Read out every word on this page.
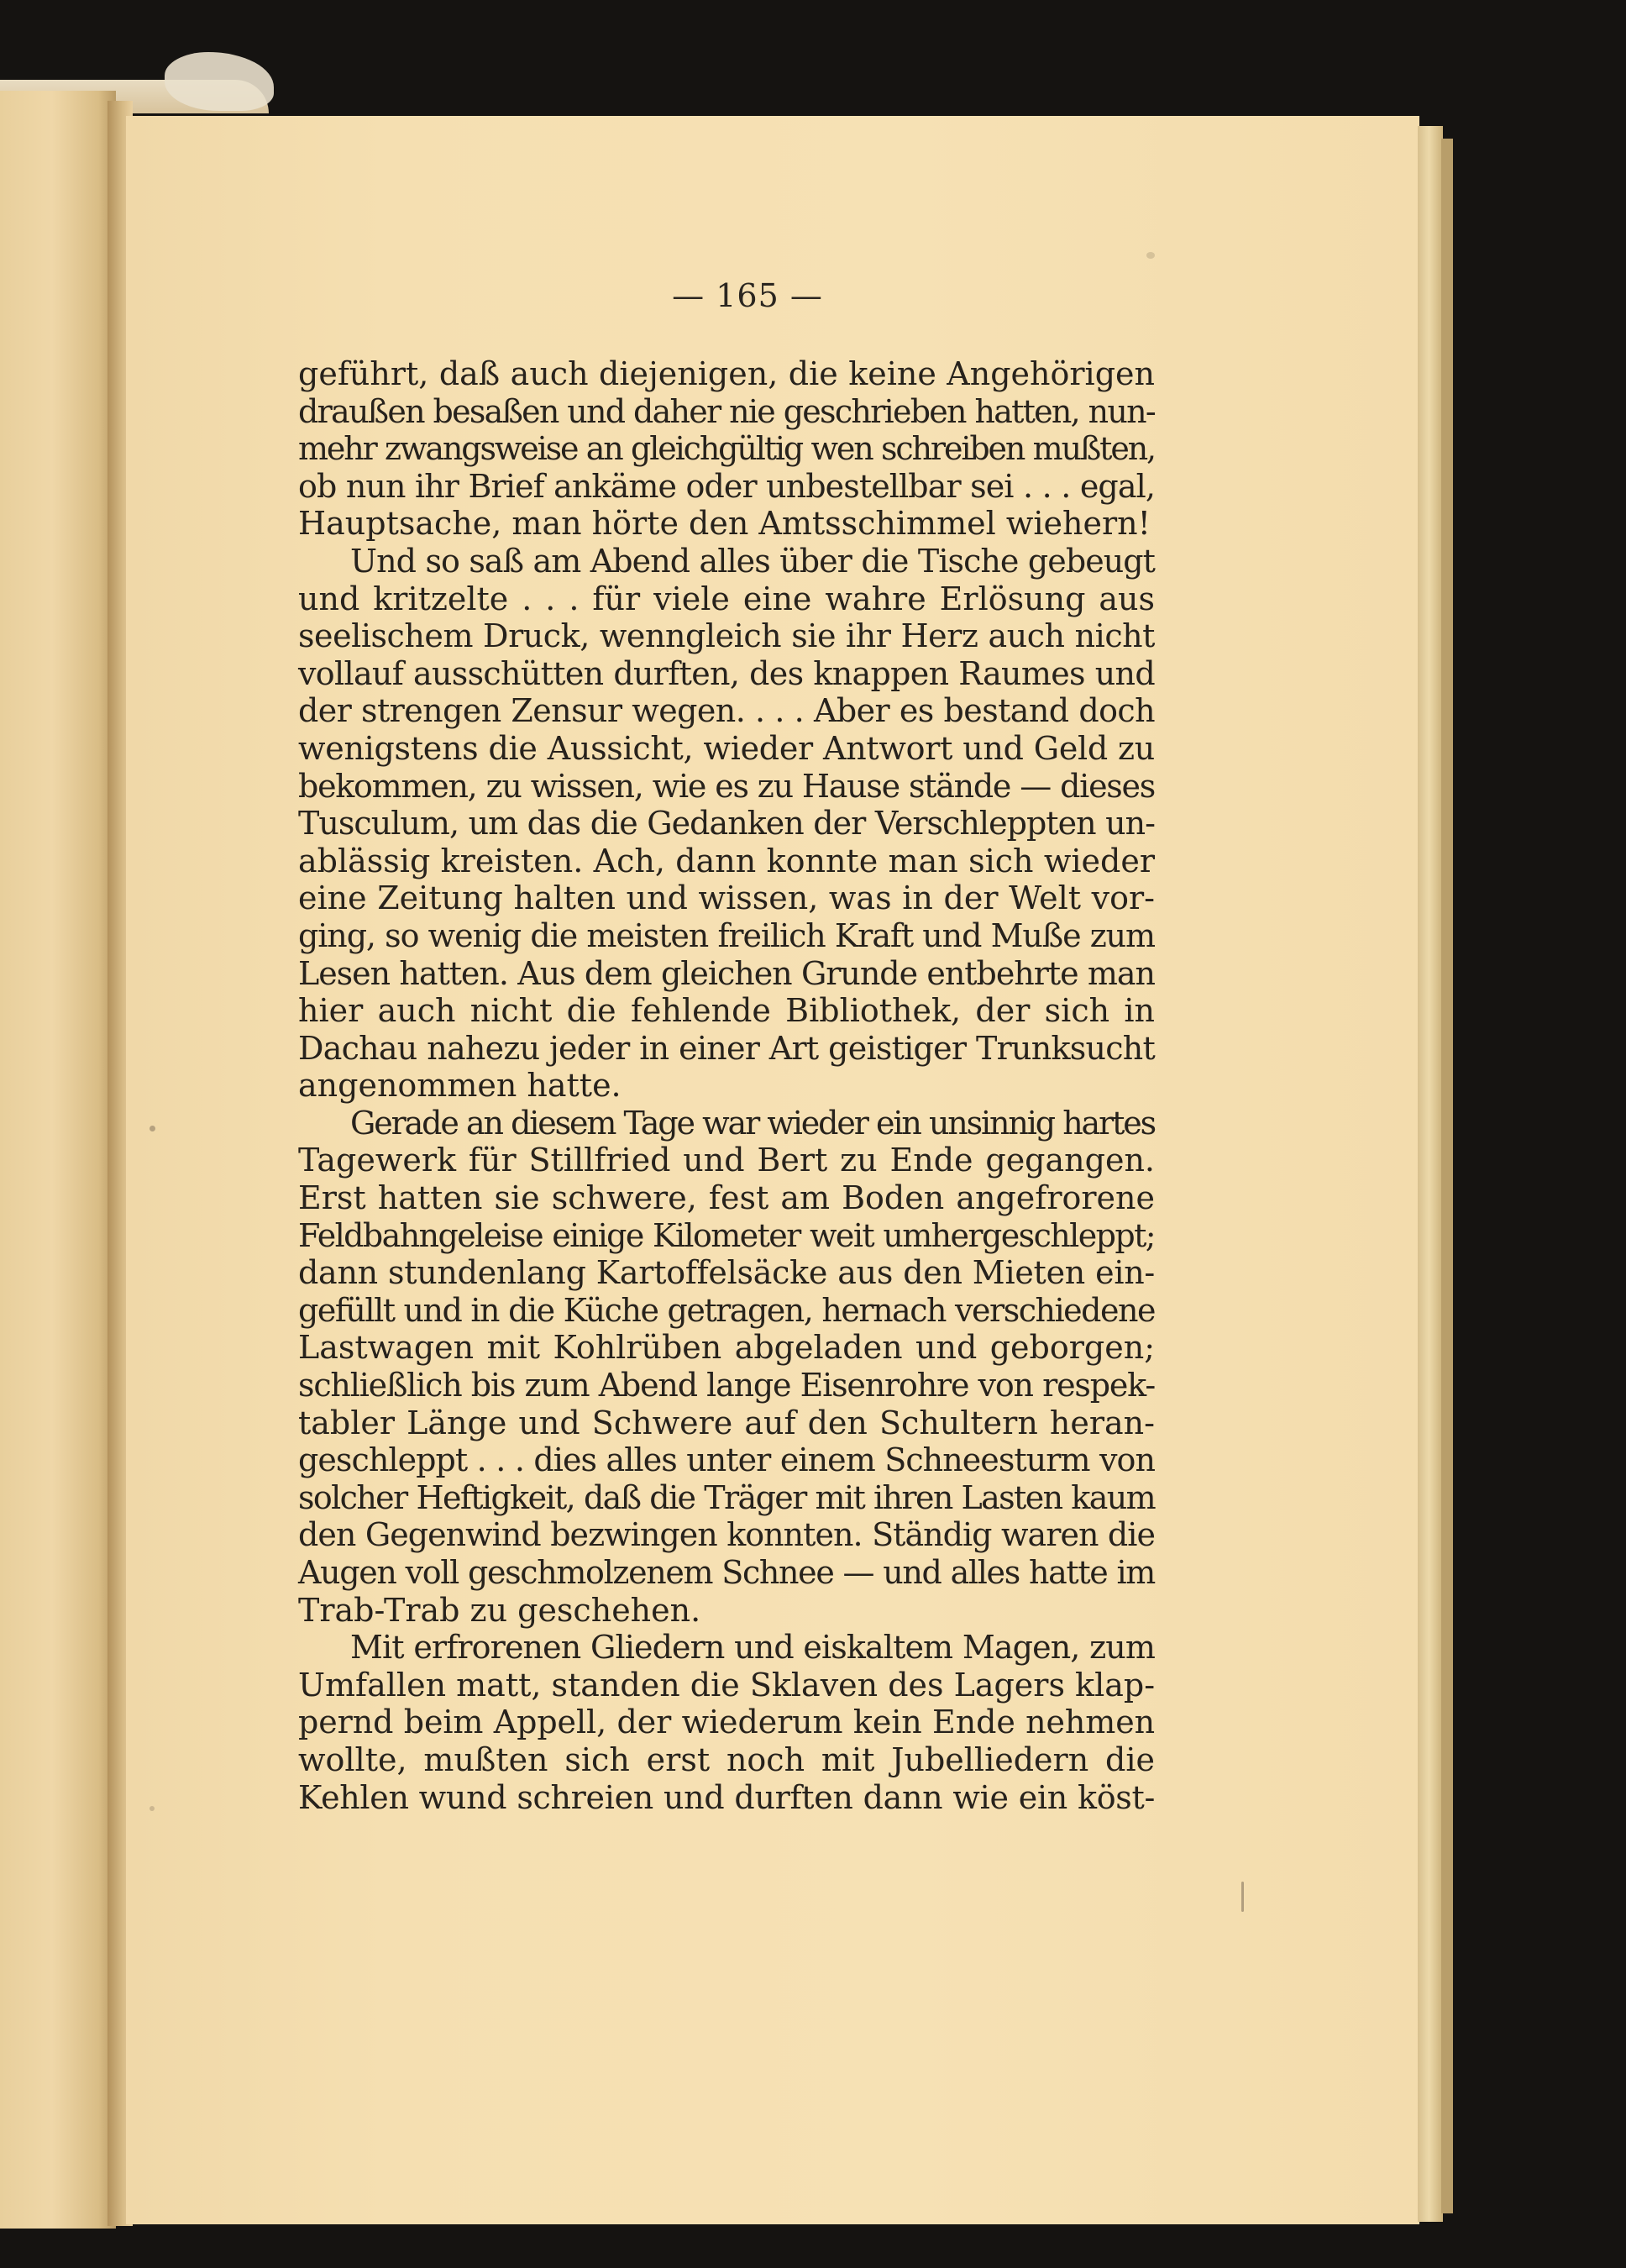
— 165 —
geführt, daß auch diejenigen, die keine Angehörigen
draußen besaßen und daher nie geschrieben hatten, nun-
mehr zwangsweise an gleichgültig wen schreiben mußten,
ob nun ihr Brief ankäme oder unbestellbar sei . . . egal,
Hauptsache, man hörte den Amtsschimmel wiehern!
Und so saß am Abend alles über die Tische gebeugt
und kritzelte . . . für viele eine wahre Erlösung aus
seelischem Druck, wenngleich sie ihr Herz auch nicht
vollauf ausschütten durften, des knappen Raumes und
der strengen Zensur wegen. . . . Aber es bestand doch
wenigstens die Aussicht, wieder Antwort und Geld zu
bekommen, zu wissen, wie es zu Hause stände — dieses
Tusculum, um das die Gedanken der Verschleppten un-
ablässig kreisten. Ach, dann konnte man sich wieder
eine Zeitung halten und wissen, was in der Welt vor-
ging, so wenig die meisten freilich Kraft und Muße zum
Lesen hatten. Aus dem gleichen Grunde entbehrte man
hier auch nicht die fehlende Bibliothek, der sich in
Dachau nahezu jeder in einer Art geistiger Trunksucht
angenommen hatte.
Gerade an diesem Tage war wieder ein unsinnig hartes
Tagewerk für Stillfried und Bert zu Ende gegangen.
Erst hatten sie schwere, fest am Boden angefrorene
Feldbahngeleise einige Kilometer weit umhergeschleppt;
dann stundenlang Kartoffelsäcke aus den Mieten ein-
gefüllt und in die Küche getragen, hernach verschiedene
Lastwagen mit Kohlrüben abgeladen und geborgen;
schließlich bis zum Abend lange Eisenrohre von respek-
tabler Länge und Schwere auf den Schultern heran-
geschleppt . . . dies alles unter einem Schneesturm von
solcher Heftigkeit, daß die Träger mit ihren Lasten kaum
den Gegenwind bezwingen konnten. Ständig waren die
Augen voll geschmolzenem Schnee — und alles hatte im
Trab-Trab zu geschehen.
Mit erfrorenen Gliedern und eiskaltem Magen, zum
Umfallen matt, standen die Sklaven des Lagers klap-
pernd beim Appell, der wiederum kein Ende nehmen
wollte, mußten sich erst noch mit Jubelliedern die
Kehlen wund schreien und durften dann wie ein köst-
